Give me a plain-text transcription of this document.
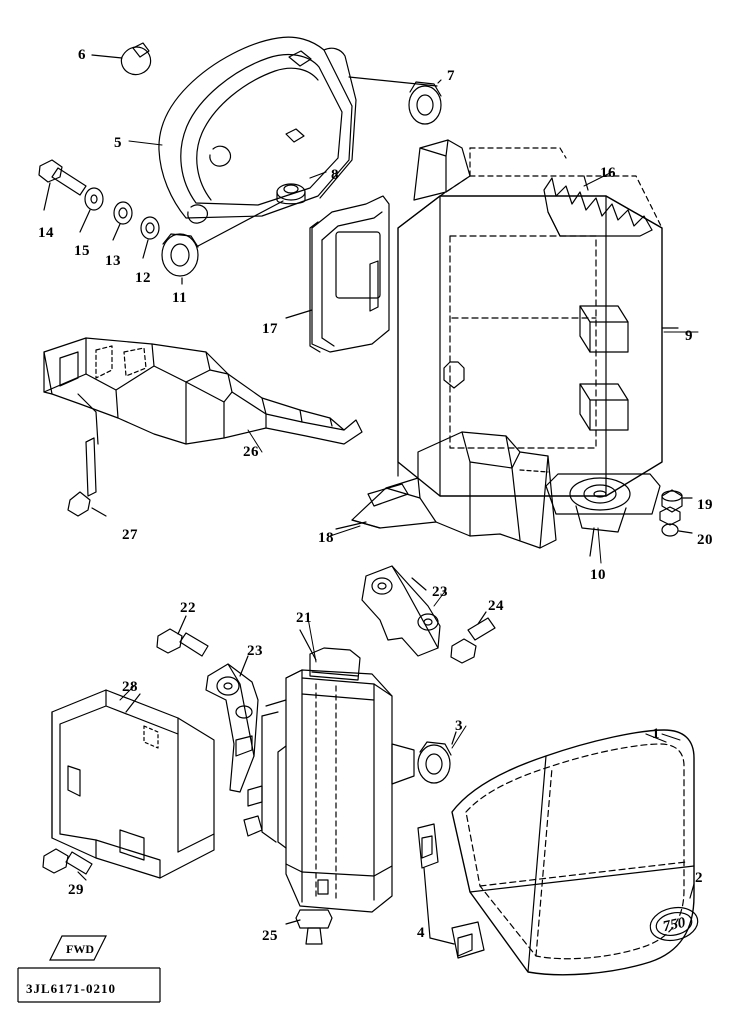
750
FWD
3JL6171-0210
6
7
5
16
8
14
15
13
12
11
17	9
26
19
27	18	20
10
23
22
21
24
23
28
3	1
2
29
25	4
